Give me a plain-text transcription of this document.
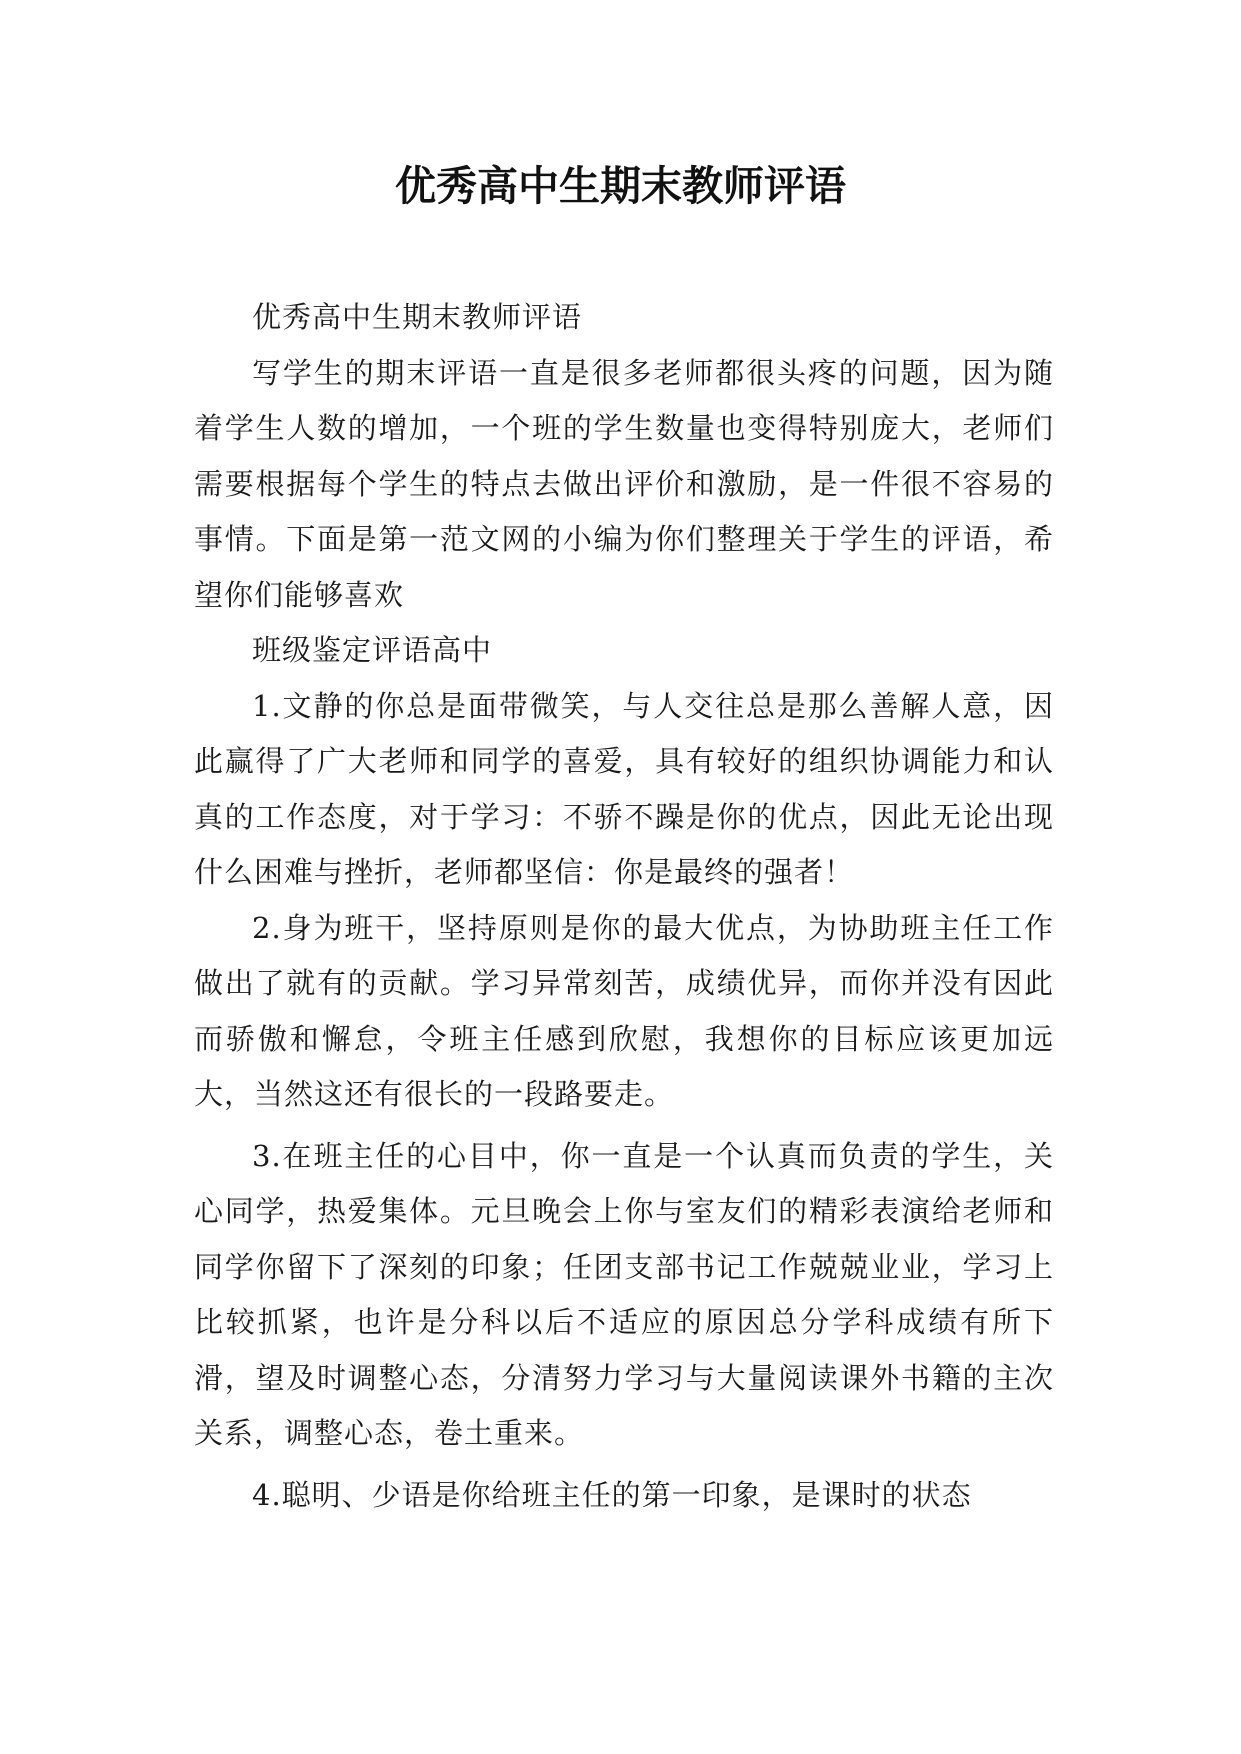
优秀高中生期末教师评语

优秀高中生期末教师评语

写学生的期末评语一直是很多老师都很头疼的问题，因为随着学生人数的增加，一个班的学生数量也变得特别庞大，老师们需要根据每个学生的特点去做出评价和激励，是一件很不容易的事情。下面是第一范文网的小编为你们整理关于学生的评语，希望你们能够喜欢

班级鉴定评语高中

1.文静的你总是面带微笑，与人交往总是那么善解人意，因此赢得了广大老师和同学的喜爱，具有较好的组织协调能力和认真的工作态度，对于学习：不骄不躁是你的优点，因此无论出现什么困难与挫折，老师都坚信：你是最终的强者！

2.身为班干，坚持原则是你的最大优点，为协助班主任工作做出了就有的贡献。学习异常刻苦，成绩优异，而你并没有因此而骄傲和懈怠，令班主任感到欣慰，我想你的目标应该更加远大，当然这还有很长的一段路要走。

3.在班主任的心目中，你一直是一个认真而负责的学生，关心同学，热爱集体。元旦晚会上你与室友们的精彩表演给老师和同学你留下了深刻的印象；任团支部书记工作兢兢业业，学习上比较抓紧，也许是分科以后不适应的原因总分学科成绩有所下滑，望及时调整心态，分清努力学习与大量阅读课外书籍的主次关系，调整心态，卷土重来。

4.聪明、少语是你给班主任的第一印象，是课时的状态
